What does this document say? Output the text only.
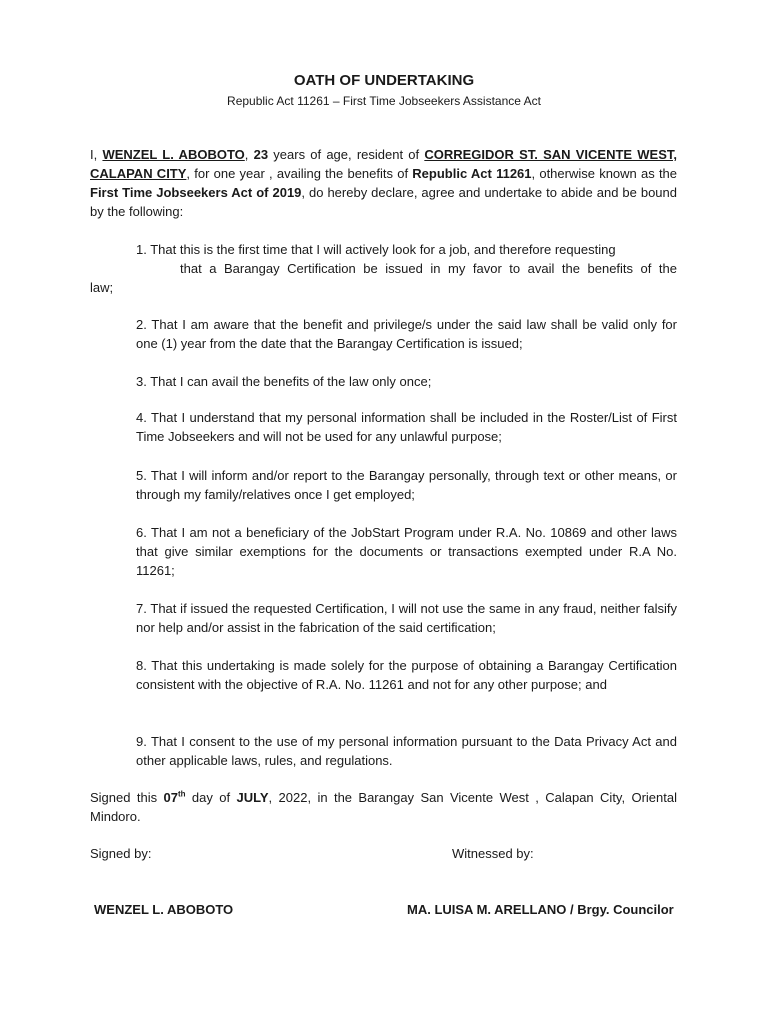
OATH OF UNDERTAKING

Republic Act 11261 – First Time Jobseekers Assistance Act

I, WENZEL L. ABOBOTO, 23 years of age, resident of CORREGIDOR ST. SAN VICENTE WEST, CALAPAN CITY, for one year , availing the benefits of Republic Act 11261, otherwise known as the First Time Jobseekers Act of 2019, do hereby declare, agree and undertake to abide and be bound by the following:

1. That this is the first time that I will actively look for a job, and therefore requesting
that a Barangay Certification be issued in my favor to avail the benefits of the
law;

2. That I am aware that the benefit and privilege/s under the said law shall be valid only for one (1) year from the date that the Barangay Certification is issued;

3. That I can avail the benefits of the law only once;

4. That I understand that my personal information shall be included in the Roster/List of First Time Jobseekers and will not be used for any unlawful purpose;

5. That I will inform and/or report to the Barangay personally, through text or other means, or through my family/relatives once I get employed;

6. That I am not a beneficiary of the JobStart Program under R.A. No. 10869 and other laws that give similar exemptions for the documents or transactions exempted under R.A No. 11261;

7. That if issued the requested Certification, I will not use the same in any fraud, neither falsify nor help and/or assist in the fabrication of the said certification;

8. That this undertaking is made solely for the purpose of obtaining a Barangay Certification consistent with the objective of R.A. No. 11261 and not for any other purpose; and

9. That I consent to the use of my personal information pursuant to the Data Privacy Act and other applicable laws, rules, and regulations.

Signed this 07th day of JULY, 2022, in the Barangay San Vicente West , Calapan City, Oriental Mindoro.

Signed by:	Witnessed by:
WENZEL L. ABOBOTO	MA. LUISA M. ARELLANO / Brgy. Councilor
